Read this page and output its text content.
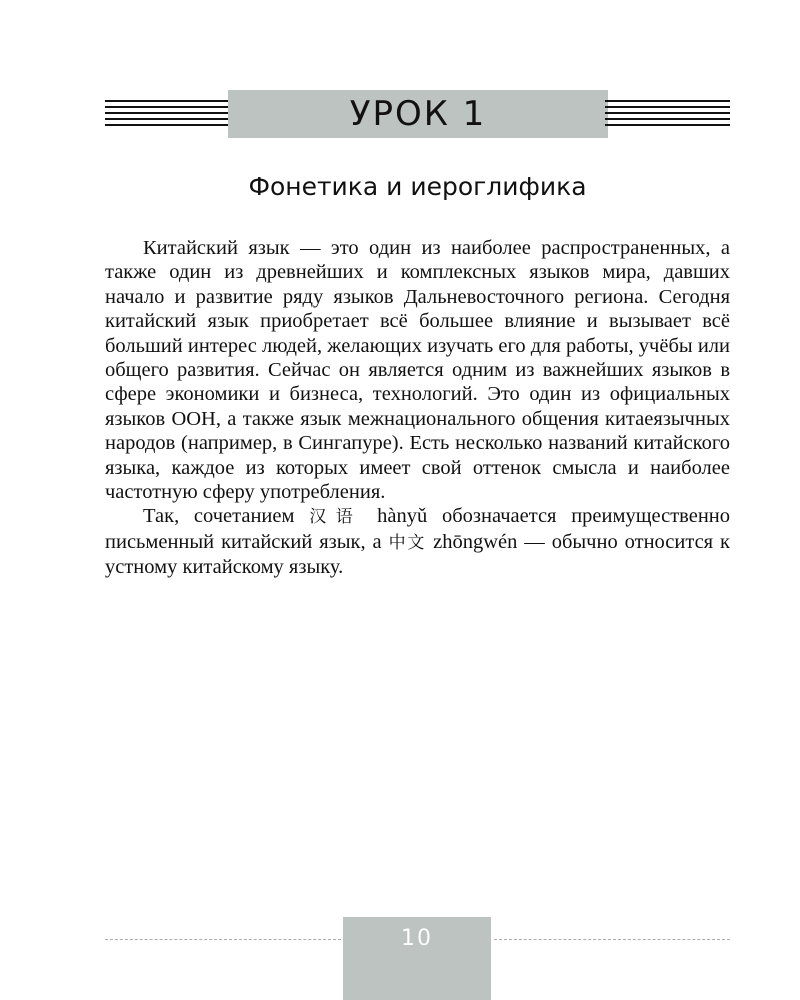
УРОК 1
Фонетика и иероглифика

Китайский язык — это один из наиболее распространенных, а также один из древнейших и комплексных языков мира, давших начало и развитие ряду языков Дальневосточного региона. Сегодня китайский язык приобретает всё большее влияние и вызывает всё больший интерес людей, желающих изучать его для работы, учёбы или общего развития. Сейчас он является одним из важнейших языков в сфере экономики и бизнеса, технологий. Это один из официальных языков ООН, а также язык межнационального общения китаеязычных народов (например, в Сингапуре). Есть несколько названий китайского языка, каждое из которых имеет свой оттенок смысла и наиболее частотную сферу употребления.

Так, сочетанием 汉语 hànyǔ обозначается преимущественно письменный китайский язык, а 中文 zhōngwén — обычно относится к устному китайскому языку.

10
